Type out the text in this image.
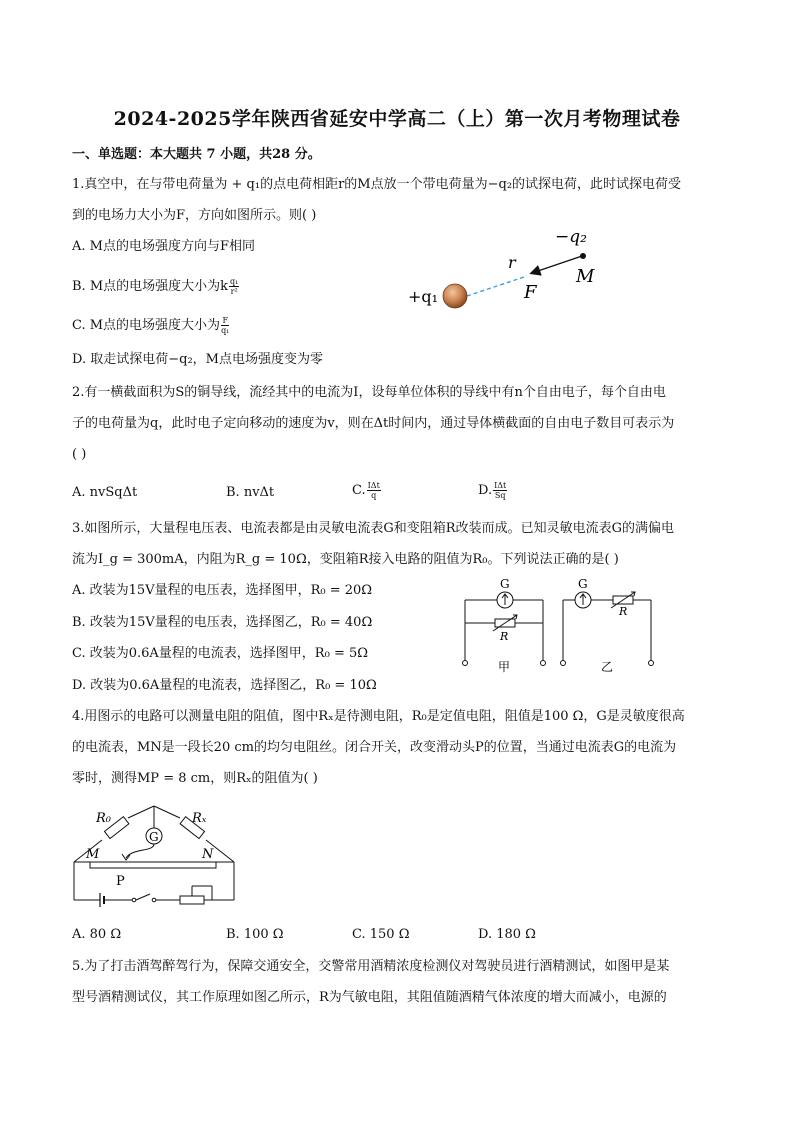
2024-2025学年陕西省延安中学高二（上）第一次月考物理试卷
一、单选题：本大题共 7 小题，共28 分。
1.真空中，在与带电荷量为 + q₁的点电荷相距r的M点放一个带电荷量为−q₂的试探电荷，此时试探电荷受
到的电场力大小为F，方向如图所示。则( )
A. M点的电场强度方向与F相同
B. M点的电场强度大小为k $\frac{\text{q₁}}{\text{r²}}$
C. M点的电场强度大小为 $\frac{F}{\text{q₁}}$
D. 取走试探电荷−q₂，M点电场强度变为零
+q₁
−q₂
r
M
F
2.有一横截面积为S的铜导线，流经其中的电流为I，设每单位体积的导线中有n个自由电子，每个自由电
子的电荷量为q，此时电子定向移动的速度为v，则在Δt时间内，通过导体横截面的自由电子数目可表示为
( )
A. nvSqΔt	B. nvΔt	C. $\frac{\text{IΔt}}{q}$	D. $\frac{\text{IΔt}}{Sq}$
3.如图所示，大量程电压表、电流表都是由灵敏电流表G和变阻箱R改装而成。已知灵敏电流表G的满偏电
流为I_g = 300mA，内阻为R_g = 10Ω，变阻箱R接入电路的阻值为R₀。下列说法正确的是( )
A. 改装为15V量程的电压表，选择图甲，R₀ = 20Ω
B. 改装为15V量程的电压表，选择图乙，R₀ = 40Ω
C. 改装为0.6A量程的电流表，选择图甲，R₀ = 5Ω
D. 改装为0.6A量程的电流表，选择图乙，R₀ = 10Ω
G
R
甲
G
R
乙
4.用图示的电路可以测量电阻的阻值，图中Rₓ是待测电阻，R₀是定值电阻，阻值是100 Ω，G是灵敏度很高
的电流表，MN是一段长20 cm的均匀电阻丝。闭合开关，改变滑动头P的位置，当通过电流表G的电流为
零时，测得MP = 8 cm，则Rₓ的阻值为( )
R₀	Rₓ
G
M	N
P
A. 80 Ω	B. 100 Ω	C. 150 Ω	D. 180 Ω
5.为了打击酒驾醉驾行为，保障交通安全，交警常用酒精浓度检测仪对驾驶员进行酒精测试，如图甲是某
型号酒精测试仪，其工作原理如图乙所示，R为气敏电阻，其阻值随酒精气体浓度的增大而减小，电源的
